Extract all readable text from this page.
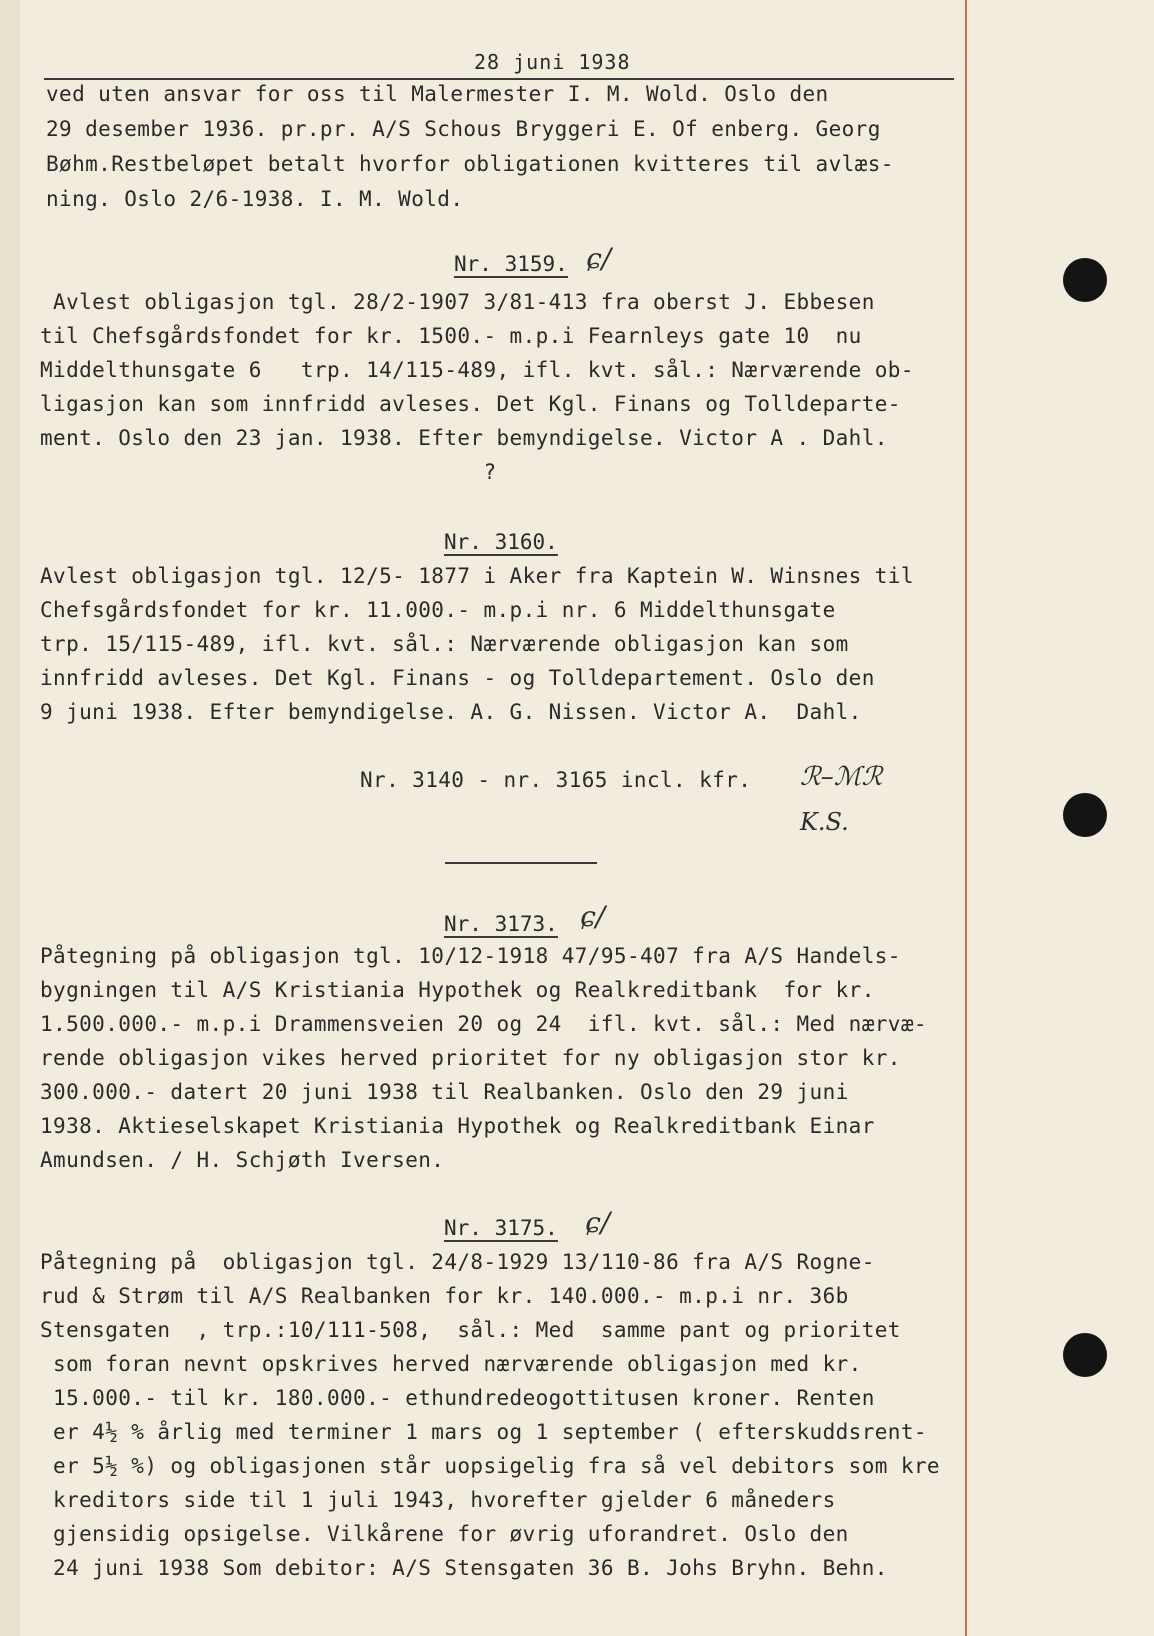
28 juni 1938
ved uten ansvar for oss til Malermester I. M. Wold. Oslo den
29 desember 1936. pr.pr. A/S Schous Bryggeri E. Of enberg. Georg
Bøhm.Restbeløpet betalt hvorfor obligationen kvitteres til avlæs-
ning. Oslo 2/6-1938. I. M. Wold.
Nr. 3159. ɕ/
Avlest obligasjon tgl. 28/2-1907 3/81-413 fra oberst J. Ebbesen
til Chefsgårdsfondet for kr. 1500.- m.p.i Fearnleys gate 10  nu
Middelthunsgate 6   trp. 14/115-489, ifl. kvt. sål.: Nærværende ob-
ligasjon kan som innfridd avleses. Det Kgl. Finans og Tolldeparte-
ment. Oslo den 23 jan. 1938. Efter bemyndigelse. Victor A . Dahl.
?
Nr. 3160.
Avlest obligasjon tgl. 12/5- 1877 i Aker fra Kaptein W. Winsnes til
Chefsgårdsfondet for kr. 11.000.- m.p.i nr. 6 Middelthunsgate
trp. 15/115-489, ifl. kvt. sål.: Nærværende obligasjon kan som
innfridd avleses. Det Kgl. Finans - og Tolldepartement. Oslo den
9 juni 1938. Efter bemyndigelse. A. G. Nissen. Victor A.  Dahl.
Nr. 3140 - nr. 3165 incl. kfr. ℛ–ℳℛ
K.S.
Nr. 3173. ɕ/
Påtegning på obligasjon tgl. 10/12-1918 47/95-407 fra A/S Handels-
bygningen til A/S Kristiania Hypothek og Realkreditbank  for kr.
1.500.000.- m.p.i Drammensveien 20 og 24  ifl. kvt. sål.: Med nærvæ-
rende obligasjon vikes herved prioritet for ny obligasjon stor kr.
300.000.- datert 20 juni 1938 til Realbanken. Oslo den 29 juni
1938. Aktieselskapet Kristiania Hypothek og Realkreditbank Einar
Amundsen. / H. Schjøth Iversen.
Nr. 3175. ɕ/
Påtegning på  obligasjon tgl. 24/8-1929 13/110-86 fra A/S Rogne-
rud & Strøm til A/S Realbanken for kr. 140.000.- m.p.i nr. 36b
Stensgaten  , trp.:10/111-508,  sål.: Med  samme pant og prioritet
som foran nevnt opskrives herved nærværende obligasjon med kr.
15.000.- til kr. 180.000.- ethundredeogottitusen kroner. Renten
er 4½ % årlig med terminer 1 mars og 1 september ( efterskuddsrent-
er 5½ %) og obligasjonen står uopsigelig fra så vel debitors som kre
kreditors side til 1 juli 1943, hvorefter gjelder 6 måneders
gjensidig opsigelse. Vilkårene for øvrig uforandret. Oslo den
24 juni 1938 Som debitor: A/S Stensgaten 36 B. Johs Bryhn. Behn.
